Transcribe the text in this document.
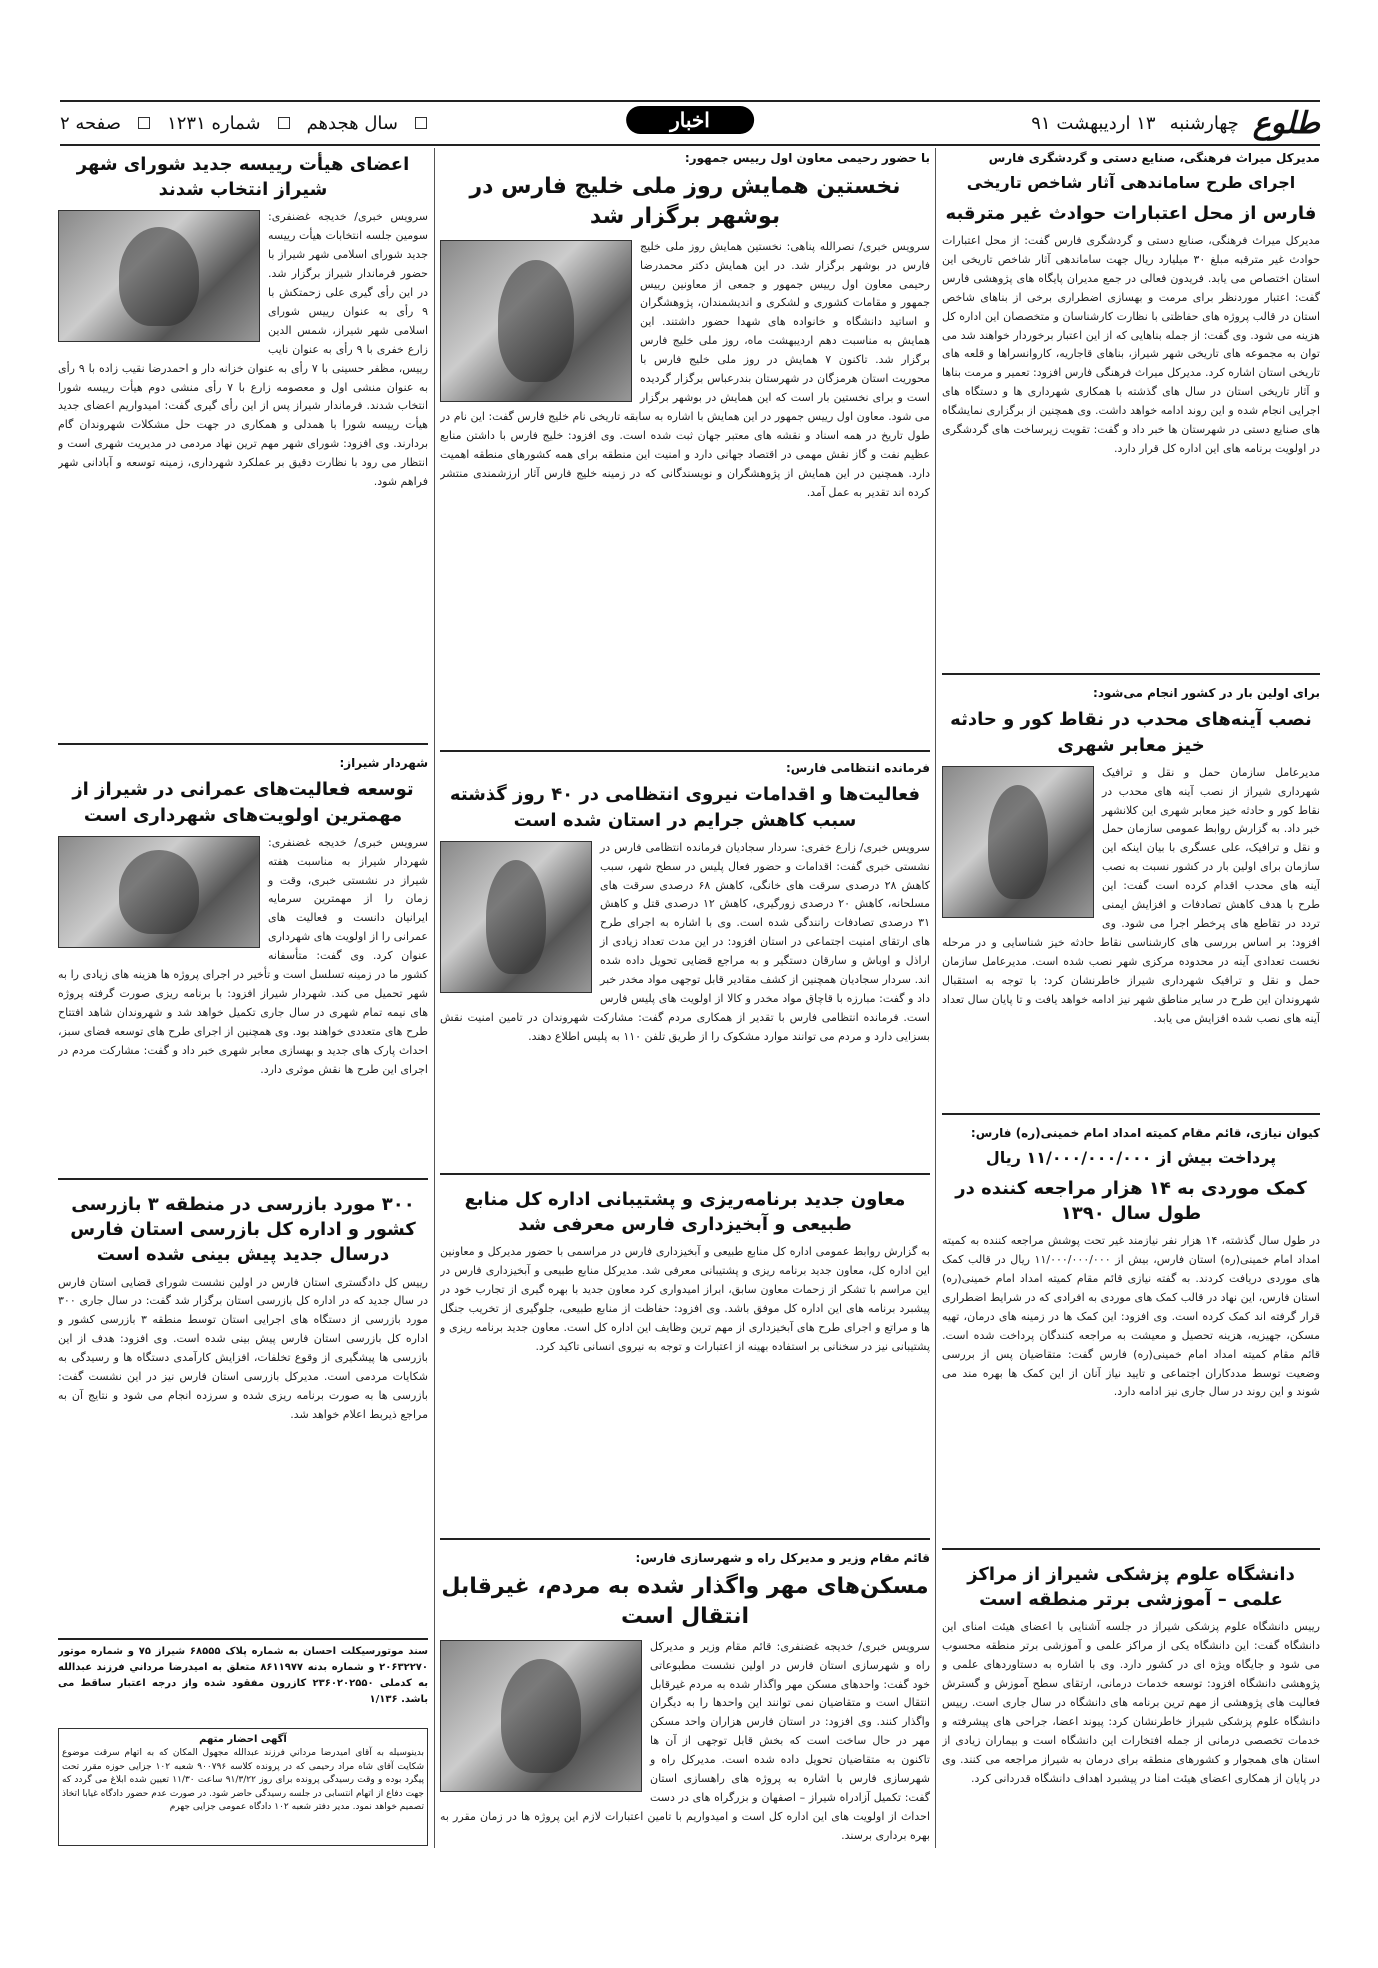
طلوع
چهارشنبه
۱۳ اردیبهشت ۹۱
اخبار
سال هجدهم
شماره ۱۲۳۱
صفحه ۲
مدیرکل میراث فرهنگی، صنایع دستی و گردشگری فارس
اجرای طرح ساماندهی آثار شاخص تاریخی
فارس از محل اعتبارات حوادث غیر مترقبه

مدیرکل میراث فرهنگی، صنایع دستی و گردشگری فارس گفت: از محل اعتبارات حوادث غیر مترقبه مبلغ ۳۰ میلیارد ریال جهت ساماندهی آثار شاخص تاریخی این استان اختصاص می یابد. فریدون فعالی در جمع مدیران پایگاه های پژوهشی فارس گفت: اعتبار موردنظر برای مرمت و بهسازی اضطراری برخی از بناهای شاخص استان در قالب پروژه های حفاظتی با نظارت کارشناسان و متخصصان این اداره کل هزینه می شود. وی گفت: از جمله بناهایی که از این اعتبار برخوردار خواهند شد می توان به مجموعه های تاریخی شهر شیراز، بناهای قاجاریه، کاروانسراها و قلعه های تاریخی استان اشاره کرد. مدیرکل میراث فرهنگی فارس افزود: تعمیر و مرمت بناها و آثار تاریخی استان در سال های گذشته با همکاری شهرداری ها و دستگاه های اجرایی انجام شده و این روند ادامه خواهد داشت. وی همچنین از برگزاری نمایشگاه های صنایع دستی در شهرستان ها خبر داد و گفت: تقویت زیرساخت های گردشگری در اولویت برنامه های این اداره کل قرار دارد.

برای اولین بار در کشور انجام می‌شود:
نصب آینه‌های محدب در نقاط کور و حادثه خیز معابر شهری

مدیرعامل سازمان حمل و نقل و ترافیک شهرداری شیراز از نصب آینه های محدب در نقاط کور و حادثه خیز معابر شهری این کلانشهر خبر داد. به گزارش روابط عمومی سازمان حمل و نقل و ترافیک، علی عسگری با بیان اینکه این سازمان برای اولین بار در کشور نسبت به نصب آینه های محدب اقدام کرده است گفت: این طرح با هدف کاهش تصادفات و افزایش ایمنی تردد در تقاطع های پرخطر اجرا می شود. وی افزود: بر اساس بررسی های کارشناسی نقاط حادثه خیز شناسایی و در مرحله نخست تعدادی آینه در محدوده مرکزی شهر نصب شده است. مدیرعامل سازمان حمل و نقل و ترافیک شهرداری شیراز خاطرنشان کرد: با توجه به استقبال شهروندان این طرح در سایر مناطق شهر نیز ادامه خواهد یافت و تا پایان سال تعداد آینه های نصب شده افزایش می یابد.

کیوان نیازی، قائم مقام کمیته امداد امام خمینی(ره) فارس:
پرداخت بیش از ۱۱/۰۰۰/۰۰۰/۰۰۰ ریال
کمک موردی به ۱۴ هزار مراجعه کننده در طول سال ۱۳۹۰

در طول سال گذشته، ۱۴ هزار نفر نیازمند غیر تحت پوشش مراجعه کننده به کمیته امداد امام خمینی(ره) استان فارس، بیش از ۱۱/۰۰۰/۰۰۰/۰۰۰ ریال در قالب کمک های موردی دریافت کردند. به گفته نیازی قائم مقام کمیته امداد امام خمینی(ره) استان فارس، این نهاد در قالب کمک های موردی به افرادی که در شرایط اضطراری قرار گرفته اند کمک کرده است. وی افزود: این کمک ها در زمینه های درمان، تهیه مسکن، جهیزیه، هزینه تحصیل و معیشت به مراجعه کنندگان پرداخت شده است. قائم مقام کمیته امداد امام خمینی(ره) فارس گفت: متقاضیان پس از بررسی وضعیت توسط مددکاران اجتماعی و تایید نیاز آنان از این کمک ها بهره مند می شوند و این روند در سال جاری نیز ادامه دارد.

دانشگاه علوم پزشکی شیراز از مراکز علمی – آموزشی برتر منطقه است

رییس دانشگاه علوم پزشکی شیراز در جلسه آشنایی با اعضای هیئت امنای این دانشگاه گفت: این دانشگاه یکی از مراکز علمی و آموزشی برتر منطقه محسوب می شود و جایگاه ویژه ای در کشور دارد. وی با اشاره به دستاوردهای علمی و پژوهشی دانشگاه افزود: توسعه خدمات درمانی، ارتقای سطح آموزش و گسترش فعالیت های پژوهشی از مهم ترین برنامه های دانشگاه در سال جاری است. رییس دانشگاه علوم پزشکی شیراز خاطرنشان کرد: پیوند اعضا، جراحی های پیشرفته و خدمات تخصصی درمانی از جمله افتخارات این دانشگاه است و بیماران زیادی از استان های همجوار و کشورهای منطقه برای درمان به شیراز مراجعه می کنند. وی در پایان از همکاری اعضای هیئت امنا در پیشبرد اهداف دانشگاه قدردانی کرد.

با حضور رحیمی معاون اول رییس جمهور:
نخستین همایش روز ملی خلیج فارس در بوشهر برگزار شد

سرویس خبری/ نصرالله پناهی: نخستین همایش روز ملی خلیج فارس در بوشهر برگزار شد. در این همایش دکتر محمدرضا رحیمی معاون اول رییس جمهور و جمعی از معاونین رییس جمهور و مقامات کشوری و لشکری و اندیشمندان، پژوهشگران و اساتید دانشگاه و خانواده های شهدا حضور داشتند. این همایش به مناسبت دهم اردیبهشت ماه، روز ملی خلیج فارس برگزار شد. تاکنون ۷ همایش در روز ملی خلیج فارس با محوریت استان هرمزگان در شهرستان بندرعباس برگزار گردیده است و برای نخستین بار است که این همایش در بوشهر برگزار می شود. معاون اول رییس جمهور در این همایش با اشاره به سابقه تاریخی نام خلیج فارس گفت: این نام در طول تاریخ در همه اسناد و نقشه های معتبر جهان ثبت شده است. وی افزود: خلیج فارس با داشتن منابع عظیم نفت و گاز نقش مهمی در اقتصاد جهانی دارد و امنیت این منطقه برای همه کشورهای منطقه اهمیت دارد. همچنین در این همایش از پژوهشگران و نویسندگانی که در زمینه خلیج فارس آثار ارزشمندی منتشر کرده اند تقدیر به عمل آمد.

فرمانده انتظامی فارس:
فعالیت‌ها و اقدامات نیروی انتظامی در ۴۰ روز گذشته سبب کاهش جرایم در استان شده است

سرویس خبری/ زارع خفری: سردار سجادیان فرمانده انتظامی فارس در نشستی خبری گفت: اقدامات و حضور فعال پلیس در سطح شهر، سبب کاهش ۲۸ درصدی سرقت های خانگی، کاهش ۶۸ درصدی سرقت های مسلحانه، کاهش ۲۰ درصدی زورگیری، کاهش ۱۲ درصدی قتل و کاهش ۳۱ درصدی تصادفات رانندگی شده است. وی با اشاره به اجرای طرح های ارتقای امنیت اجتماعی در استان افزود: در این مدت تعداد زیادی از اراذل و اوباش و سارقان دستگیر و به مراجع قضایی تحویل داده شده اند. سردار سجادیان همچنین از کشف مقادیر قابل توجهی مواد مخدر خبر داد و گفت: مبارزه با قاچاق مواد مخدر و کالا از اولویت های پلیس فارس است. فرمانده انتظامی فارس با تقدیر از همکاری مردم گفت: مشارکت شهروندان در تامین امنیت نقش بسزایی دارد و مردم می توانند موارد مشکوک را از طریق تلفن ۱۱۰ به پلیس اطلاع دهند.

معاون جدید برنامه‌ریزی و پشتیبانی اداره کل منابع طبیعی و آبخیزداری فارس معرفی شد

به گزارش روابط عمومی اداره کل منابع طبیعی و آبخیزداری فارس در مراسمی با حضور مدیرکل و معاونین این اداره کل، معاون جدید برنامه ریزی و پشتیبانی معرفی شد. مدیرکل منابع طبیعی و آبخیزداری فارس در این مراسم با تشکر از زحمات معاون سابق، ابراز امیدواری کرد معاون جدید با بهره گیری از تجارب خود در پیشبرد برنامه های این اداره کل موفق باشد. وی افزود: حفاظت از منابع طبیعی، جلوگیری از تخریب جنگل ها و مراتع و اجرای طرح های آبخیزداری از مهم ترین وظایف این اداره کل است. معاون جدید برنامه ریزی و پشتیبانی نیز در سخنانی بر استفاده بهینه از اعتبارات و توجه به نیروی انسانی تاکید کرد.

قائم مقام وزیر و مدیرکل راه و شهرسازی فارس:
مسکن‌های مهر واگذار شده به مردم، غیرقابل انتقال است

سرویس خبری/ خدیجه غضنفری: قائم مقام وزیر و مدیرکل راه و شهرسازی استان فارس در اولین نشست مطبوعاتی خود گفت: واحدهای مسکن مهر واگذار شده به مردم غیرقابل انتقال است و متقاضیان نمی توانند این واحدها را به دیگران واگذار کنند. وی افزود: در استان فارس هزاران واحد مسکن مهر در حال ساخت است که بخش قابل توجهی از آن ها تاکنون به متقاضیان تحویل داده شده است. مدیرکل راه و شهرسازی فارس با اشاره به پروژه های راهسازی استان گفت: تکمیل آزادراه شیراز – اصفهان و بزرگراه های در دست احداث از اولویت های این اداره کل است و امیدواریم با تامین اعتبارات لازم این پروژه ها در زمان مقرر به بهره برداری برسند.

اعضای هیأت رییسه جدید شورای شهر شیراز انتخاب شدند

سرویس خبری/ خدیجه غضنفری: سومین جلسه انتخابات هیأت رییسه جدید شورای اسلامی شهر شیراز با حضور فرماندار شیراز برگزار شد. در این رأی گیری علی زحمتکش با ۹ رأی به عنوان رییس شورای اسلامی شهر شیراز، شمس الدین زارع خفری با ۹ رأی به عنوان نایب رییس، مظفر حسینی با ۷ رأی به عنوان خزانه دار و احمدرضا نقیب زاده با ۹ رأی به عنوان منشی اول و معصومه زارع با ۷ رأی منشی دوم هیأت رییسه شورا انتخاب شدند. فرماندار شیراز پس از این رأی گیری گفت: امیدواریم اعضای جدید هیأت رییسه شورا با همدلی و همکاری در جهت حل مشکلات شهروندان گام بردارند. وی افزود: شورای شهر مهم ترین نهاد مردمی در مدیریت شهری است و انتظار می رود با نظارت دقیق بر عملکرد شهرداری، زمینه توسعه و آبادانی شهر فراهم شود.

شهردار شیراز:
توسعه فعالیت‌های عمرانی در شیراز از مهمترین اولویت‌های شهرداری است

سرویس خبری/ خدیجه غضنفری: شهردار شیراز به مناسبت هفته شیراز در نشستی خبری، وقت و زمان را از مهمترین سرمایه ایرانیان دانست و فعالیت های عمرانی را از اولویت های شهرداری عنوان کرد. وی گفت: متأسفانه کشور ما در زمینه تسلسل است و تأخیر در اجرای پروژه ها هزینه های زیادی را به شهر تحمیل می کند. شهردار شیراز افزود: با برنامه ریزی صورت گرفته پروژه های نیمه تمام شهری در سال جاری تکمیل خواهد شد و شهروندان شاهد افتتاح طرح های متعددی خواهند بود. وی همچنین از اجرای طرح های توسعه فضای سبز، احداث پارک های جدید و بهسازی معابر شهری خبر داد و گفت: مشارکت مردم در اجرای این طرح ها نقش موثری دارد.

۳۰۰ مورد بازرسی در منطقه ۳ بازرسی کشور و اداره کل بازرسی استان فارس درسال جدید پیش بینی شده است

رییس کل دادگستری استان فارس در اولین نشست شورای قضایی استان فارس در سال جدید که در اداره کل بازرسی استان برگزار شد گفت: در سال جاری ۳۰۰ مورد بازرسی از دستگاه های اجرایی استان توسط منطقه ۳ بازرسی کشور و اداره کل بازرسی استان فارس پیش بینی شده است. وی افزود: هدف از این بازرسی ها پیشگیری از وقوع تخلفات، افزایش کارآمدی دستگاه ها و رسیدگی به شکایات مردمی است. مدیرکل بازرسی استان فارس نیز در این نشست گفت: بازرسی ها به صورت برنامه ریزی شده و سرزده انجام می شود و نتایج آن به مراجع ذیربط اعلام خواهد شد.

سند موتورسیکلت احسان به شماره پلاک ۶۸۵۵۵ شیراز ۷۵ و شماره موتور ۲۰۶۳۲۲۷۰ و شماره بدنه ۸۶۱۱۹۷۷ متعلق به امیدرضا مرداني فرزند عبدالله به کدملی ۲۳۶۰۲۰۲۵۵۰ کازرون مفقود شده واز درجه اعتبار ساقط می باشد. ۱/۱۳۶
آگهی احضار متهم
بدینوسیله به آقای امیدرضا مرداني فرزند عبدالله مجهول المکان که به اتهام سرقت موضوع شکایت آقای شاه مراد رحیمی که در پرونده کلاسه ۹۰۰۷۹۶ شعبه ۱۰۲ جزایی حوزه مقرر تحت پیگرد بوده و وقت رسیدگی پرونده برای روز ۹۱/۳/۲۲ ساعت ۱۱/۳۰ تعیین شده ابلاغ می گردد که جهت دفاع از اتهام انتسابی در جلسه رسیدگی حاضر شود. در صورت عدم حضور دادگاه غیابا اتخاذ تصمیم خواهد نمود. مدیر دفتر شعبه ۱۰۲ دادگاه عمومی جزایی جهرم
